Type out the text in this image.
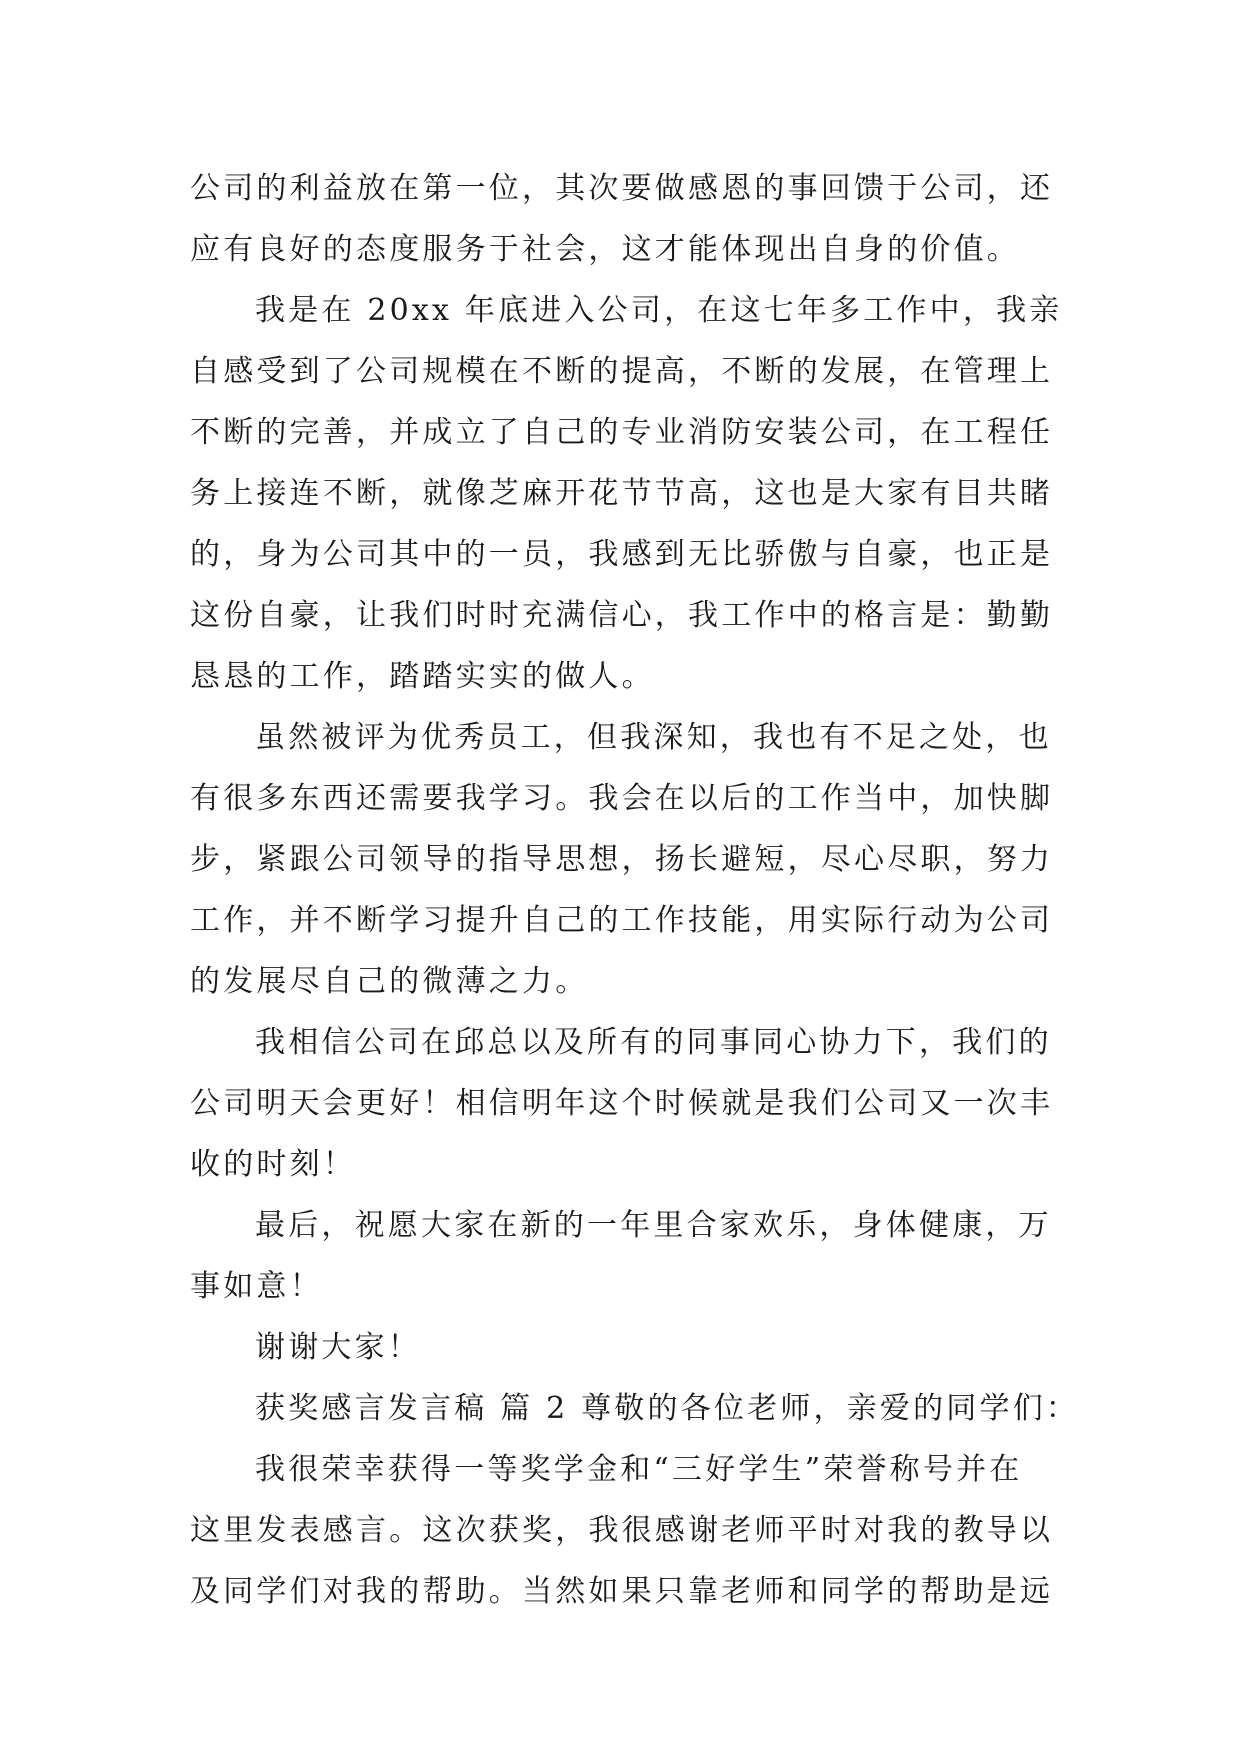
公司的利益放在第一位，其次要做感恩的事回馈于公司，还
应有良好的态度服务于社会，这才能体现出自身的价值。
我是在 20xx 年底进入公司，在这七年多工作中，我亲
自感受到了公司规模在不断的提高，不断的发展，在管理上
不断的完善，并成立了自己的专业消防安装公司，在工程任
务上接连不断，就像芝麻开花节节高，这也是大家有目共睹
的，身为公司其中的一员，我感到无比骄傲与自豪，也正是
这份自豪，让我们时时充满信心，我工作中的格言是：勤勤
恳恳的工作，踏踏实实的做人。
虽然被评为优秀员工，但我深知，我也有不足之处，也
有很多东西还需要我学习。我会在以后的工作当中，加快脚
步，紧跟公司领导的指导思想，扬长避短，尽心尽职，努力
工作，并不断学习提升自己的工作技能，用实际行动为公司
的发展尽自己的微薄之力。
我相信公司在邱总以及所有的同事同心协力下，我们的
公司明天会更好！相信明年这个时候就是我们公司又一次丰
收的时刻！
最后，祝愿大家在新的一年里合家欢乐，身体健康，万
事如意！
谢谢大家！
获奖感言发言稿 篇 2 尊敬的各位老师，亲爱的同学们：
我很荣幸获得一等奖学金和“三好学生”荣誉称号并在
这里发表感言。这次获奖，我很感谢老师平时对我的教导以
及同学们对我的帮助。当然如果只靠老师和同学的帮助是远
